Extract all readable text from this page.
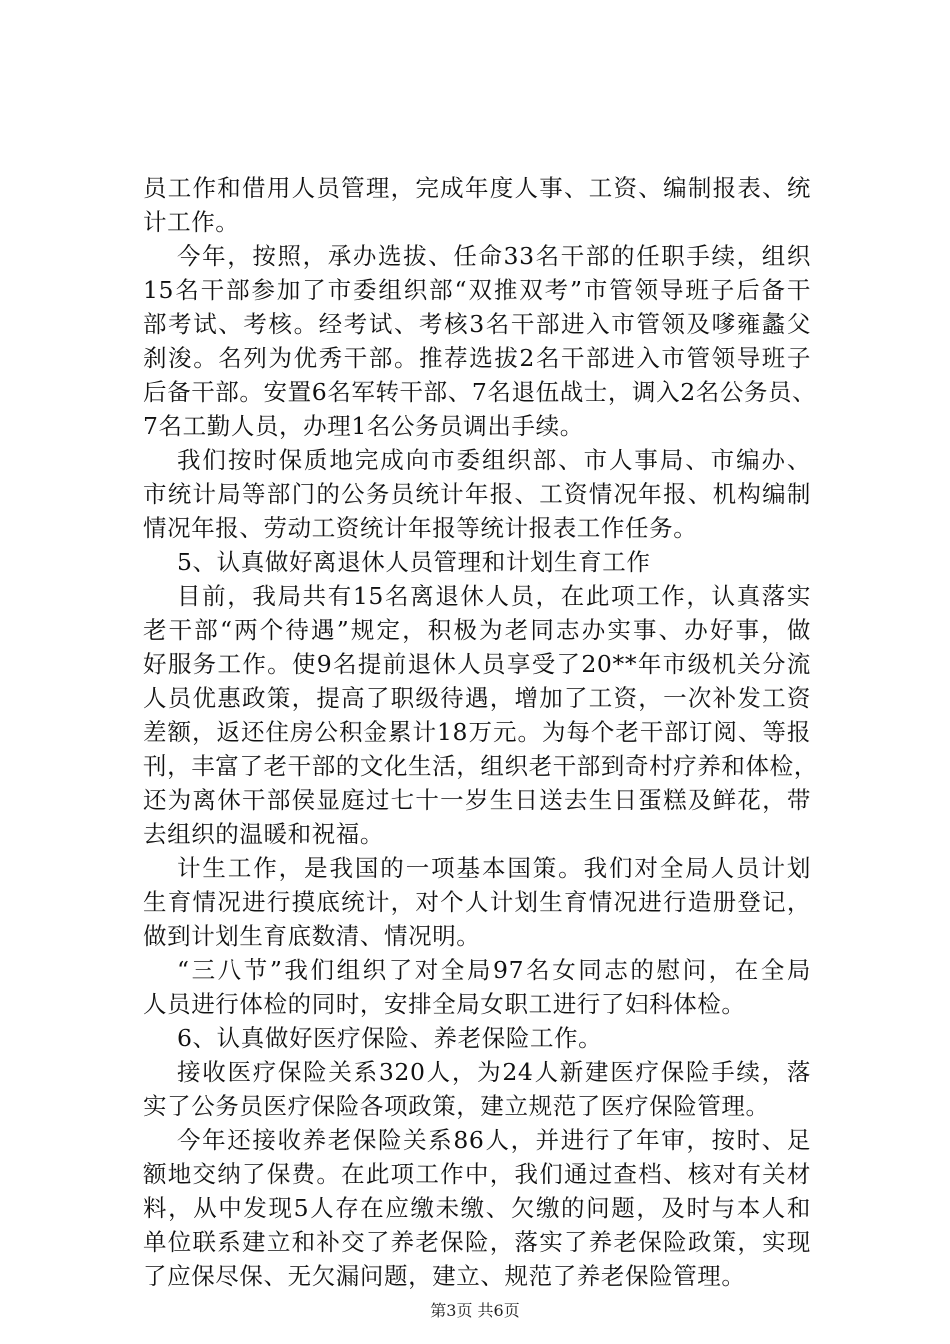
员工作和借用人员管理，完成年度人事、工资、编制报表、统
计工作。
今年，按照，承办选拔、任命33名干部的任职手续，组织
15名干部参加了市委组织部“双推双考”市管领导班子后备干
部考试、考核。经考试、考核3名干部进入市管领及嗲雍蠡父
刹浚。名列为优秀干部。推荐选拔2名干部进入市管领导班子
后备干部。安置6名军转干部、7名退伍战士，调入2名公务员、
7名工勤人员，办理1名公务员调出手续。
我们按时保质地完成向市委组织部、市人事局、市编办、
市统计局等部门的公务员统计年报、工资情况年报、机构编制
情况年报、劳动工资统计年报等统计报表工作任务。
5、认真做好离退休人员管理和计划生育工作
目前，我局共有15名离退休人员，在此项工作，认真落实
老干部“两个待遇”规定，积极为老同志办实事、办好事，做
好服务工作。使9名提前退休人员享受了20**年市级机关分流
人员优惠政策，提高了职级待遇，增加了工资，一次补发工资
差额，返还住房公积金累计18万元。为每个老干部订阅、等报
刊，丰富了老干部的文化生活，组织老干部到奇村疗养和体检，
还为离休干部侯显庭过七十一岁生日送去生日蛋糕及鲜花，带
去组织的温暖和祝福。
计生工作，是我国的一项基本国策。我们对全局人员计划
生育情况进行摸底统计，对个人计划生育情况进行造册登记，
做到计划生育底数清、情况明。
“三八节”我们组织了对全局97名女同志的慰问，在全局
人员进行体检的同时，安排全局女职工进行了妇科体检。
6、认真做好医疗保险、养老保险工作。
接收医疗保险关系320人，为24人新建医疗保险手续，落
实了公务员医疗保险各项政策，建立规范了医疗保险管理。
今年还接收养老保险关系86人，并进行了年审，按时、足
额地交纳了保费。在此项工作中，我们通过查档、核对有关材
料，从中发现5人存在应缴未缴、欠缴的问题，及时与本人和
单位联系建立和补交了养老保险，落实了养老保险政策，实现
了应保尽保、无欠漏问题，建立、规范了养老保险管理。
第3页 共6页
